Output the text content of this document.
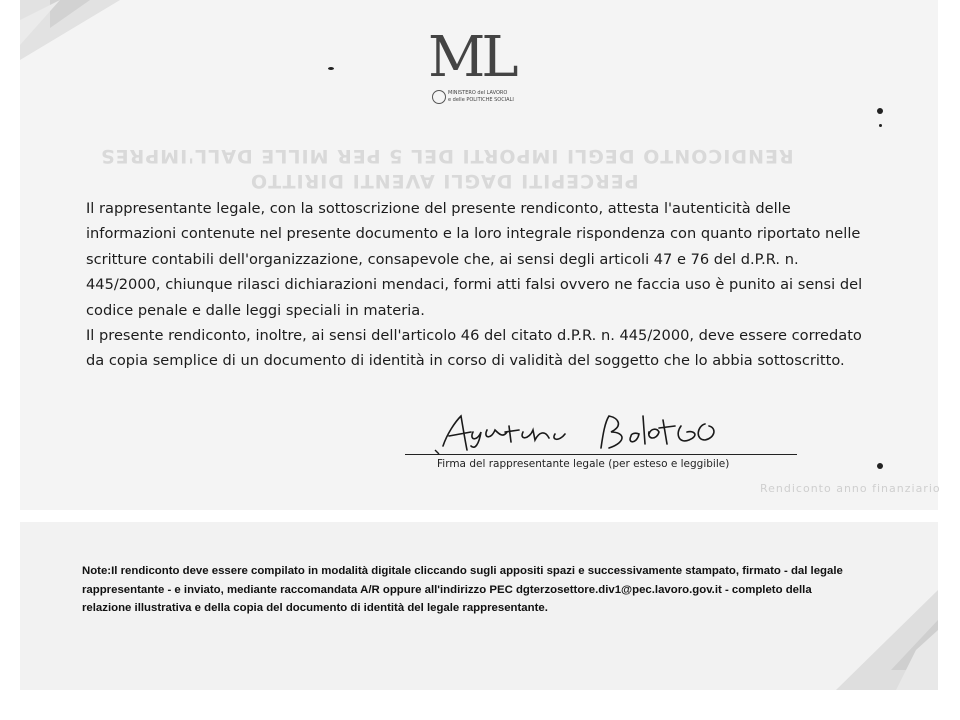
RENDICONTO DEGLI IMPORTI DEL 5 PER MILLE DALL'IMPRES
PERCEPITI DAGLI AVENTI DIRITTO
Rendiconto anno finanziario
ML
MINISTERO del LAVORO
e delle POLITICHE SOCIALI

Il rappresentante legale, con la sottoscrizione del presente rendiconto, attesta l'autenticità delle informazioni contenute nel presente documento e la loro integrale rispondenza con quanto riportato nelle scritture contabili dell'organizzazione, consapevole che, ai sensi degli articoli 47 e 76 del d.P.R. n. 445/2000, chiunque rilasci dichiarazioni mendaci, formi atti falsi ovvero ne faccia uso è punito ai sensi del codice penale e dalle leggi speciali in materia.

Il presente rendiconto, inoltre, ai sensi dell'articolo 46 del citato d.P.R. n. 445/2000, deve essere corredato da copia semplice di un documento di identità in corso di validità del soggetto che lo abbia sottoscritto.

Firma del rappresentante legale (per esteso e leggibile)

Note:Il rendiconto deve essere compilato in modalità digitale cliccando sugli appositi spazi e successivamente stampato, firmato - dal legale rappresentante - e inviato, mediante raccomandata A/R oppure all'indirizzo PEC dgterzosettore.div1@pec.lavoro.gov.it - completo della relazione illustrativa e della copia del documento di identità del legale rappresentante.
